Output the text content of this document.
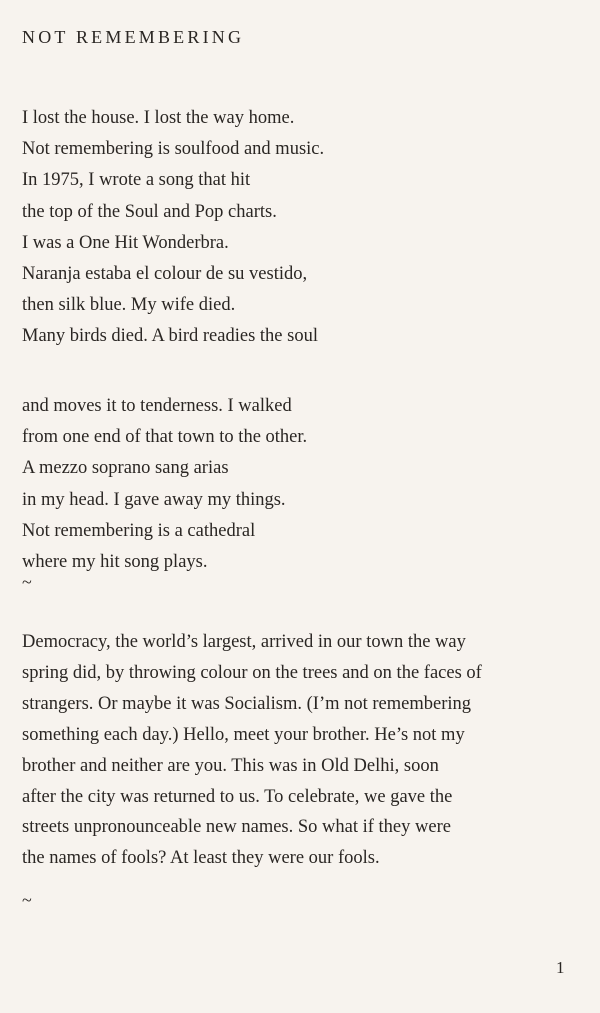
NOT REMEMBERING
I lost the house. I lost the way home.
Not remembering is soulfood and music.
In 1975, I wrote a song that hit
the top of the Soul and Pop charts.
I was a One Hit Wonderbra.
Naranja estaba el colour de su vestido,
then silk blue. My wife died.
Many birds died. A bird readies the soul
and moves it to tenderness. I walked
from one end of that town to the other.
A mezzo soprano sang arias
in my head. I gave away my things.
Not remembering is a cathedral
where my hit song plays.
~
Democracy, the world’s largest, arrived in our town the way
spring did, by throwing colour on the trees and on the faces of
strangers. Or maybe it was Socialism. (I’m not remembering
something each day.) Hello, meet your brother. He’s not my
brother and neither are you. This was in Old Delhi, soon
after the city was returned to us. To celebrate, we gave the
streets unpronounceable new names. So what if they were
the names of fools? At least they were our fools.
~
1
